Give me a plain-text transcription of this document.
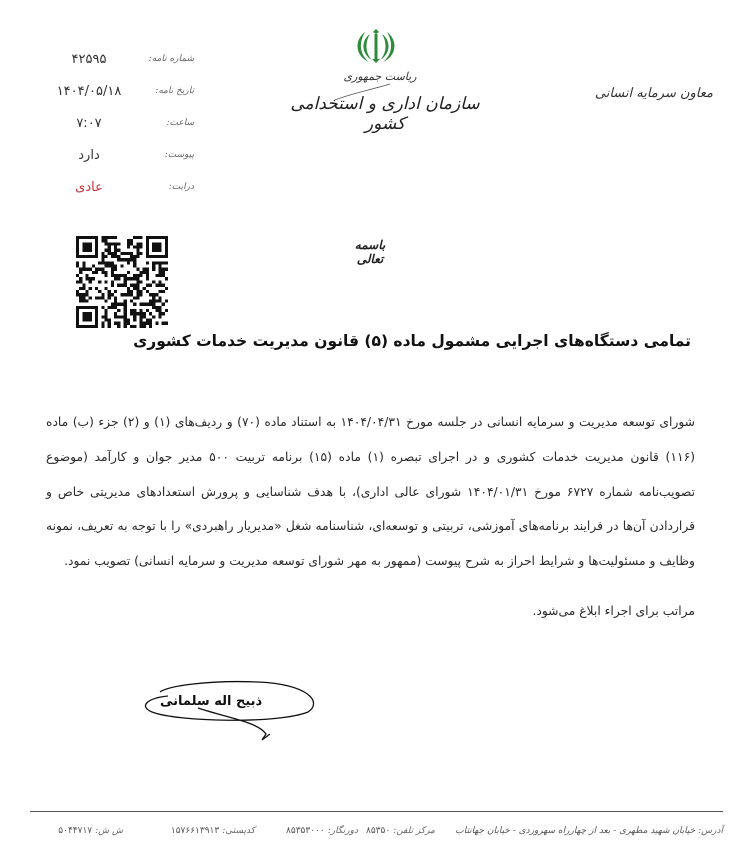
شماره نامه:
۴۲۵۹۵
تاریخ نامه:
۱۴۰۴/۰۵/۱۸
ساعت:
۷:۰۷
پیوست:
دارد
درایت:
عادی
ریاست جمهوری
سازمان اداری و استخدامی کشور
معاون سرمایه انسانی
باسمه تعالی
تمامی دستگاه‌های اجرایی مشمول ماده (۵) قانون مدیریت خدمات کشوری

شورای توسعه مدیریت و سرمایه انسانی در جلسه مورخ ۱۴۰۴/۰۴/۳۱ به استناد ماده (۷۰) و ردیف‌های (۱) و (۲) جزء (ب) ماده (۱۱۶) قانون مدیریت خدمات کشوری و در اجرای تبصره (۱) ماده (۱۵) برنامه تربیت ۵۰۰ مدیر جوان و کارآمد (موضوع تصویب‌نامه شماره ۶۷۲۷ مورخ ۱۴۰۴/۰۱/۳۱ شورای عالی اداری)، با هدف شناسایی و پرورش استعدادهای مدیریتی خاص و قراردادن آن‌ها در فرایند برنامه‌های آموزشی، تربیتی و توسعه‌ای، شناسنامه شغل «مدیریار راهبردی» را با توجه به تعریف، نمونه وظایف و مسئولیت‌ها و شرایط احراز به شرح پیوست (ممهور به مهر شورای توسعه مدیریت و سرمایه انسانی) تصویب نمود.

مراتب برای اجراء ابلاغ می‌شود.
ذبیح اله سلمانی
آدرس: خیابان شهید مطهری - بعد از چهارراه سهروردی - خیابان جهانتاب
مرکز تلفن:۸۵۳۵۰
دورنگار:۸۵۳۵۳۰۰۰
کدپستی:۱۵۷۶۶۱۳۹۱۳
ش ش:۵۰۴۴۷۱۷
